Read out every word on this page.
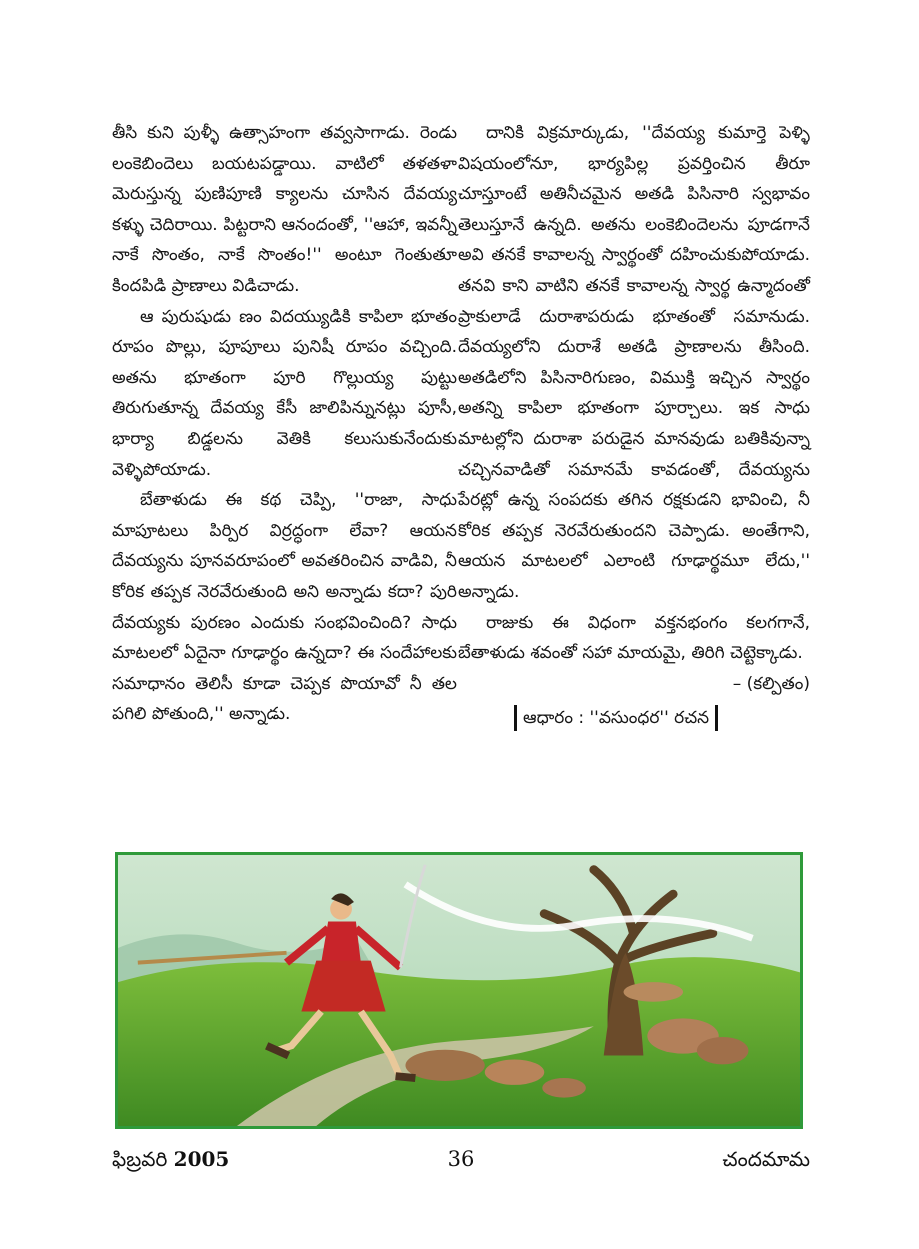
తీసి కుని పుళ్ళీ ఉత్సాహంగా తవ్వసాగాడు. రెండు లంకెబిందెలు బయటపడ్డాయి. వాటిలో తళతళా మెరుస్తున్న పుణిపూణి క్యాలను చూసిన దేవయ్య కళ్ళు చెదిరాయి. పిట్టరాని ఆనందంతో, ''ఆహా, ఇవన్నీ నాకే సొంతం, నాకే సొంతం!'' అంటూ గెంతుతూ కిందపిడి ప్రాణాలు విడిచాడు.

ఆ పురుషుడు ణం విదయ్యుడికి కాపిలా భూతం రూపం పొల్లు, పూపూలు పునిషీ రూపం వచ్చింది. అతను భూతంగా పూరి గొల్లుయ్య పుట్టు తిరుగుతూన్న దేవయ్య కేసీ జాలిపిన్నునట్లు పూసీ, భార్యా బిడ్డలను వెతికి కలుసుకునేందుకు వెళ్ళిపోయాడు.

బేతాళుడు ఈ కథ చెప్పి, ''రాజా, సాధు మాపూటలు పిర్పిర విర్రద్ధంగా లేవా? ఆయన దేవయ్యను పూనవరూపంలో అవతరించిన వాడివి, నీ కోరిక తప్పక నెరవేరుతుంది అని అన్నాడు కదా? పురి దేవయ్యకు పురణం ఎందుకు సంభవించింది? సాధు మాటలలో ఏదైనా గూఢార్థం ఉన్నదా? ఈ సందేహాలకు సమాధానం తెలిసీ కూడా చెప్పక పొయావో నీ తల పగిలి పోతుంది,'' అన్నాడు.

దానికి విక్రమార్కుడు, ''దేవయ్య కుమార్తె పెళ్ళి విషయంలోనూ, భార్యపిల్ల ప్రవర్తించిన తీరూ చూస్తూంటే అతినీచమైన అతడి పిసినారి స్వభావం తెలుస్తూనే ఉన్నది. అతను లంకెబిందెలను పూడగానే అవి తనకే కావాలన్న స్వార్థంతో దహించుకుపోయాడు. తనవి కాని వాటిని తనకే కావాలన్న స్వార్థ ఉన్మాదంతో ప్రాకులాడే దురాశాపరుడు భూతంతో సమానుడు. దేవయ్యలోని దురాశే అతడి ప్రాణాలను తీసింది. అతడిలోని పిసినారిగుణం, విముక్తి ఇచ్చిన స్వార్థం అతన్ని కాపిలా భూతంగా పూర్చాలు. ఇక సాధు మాటల్లోని దురాశా పరుడైన మానవుడు బతికివున్నా చచ్చినవాడితో సమానమే కావడంతో, దేవయ్యను పేరట్లో ఉన్న సంపదకు తగిన రక్షకుడని భావించి, నీ కోరిక తప్పక నెరవేరుతుందని చెప్పాడు. అంతేగాని, ఆయన మాటలలో ఎలాంటి గూఢార్థమూ లేదు,'' అన్నాడు.

రాజుకు ఈ విధంగా వక్తనభంగం కలగగానే, బేతాళుడు శవంతో సహా మాయమై, తిరిగి చెట్టెక్కాడు.

– (కల్పితం)

ఆధారం : ''వసుంధర'' రచన
ఫిబ్రవరి 2005	36	చందమామ
